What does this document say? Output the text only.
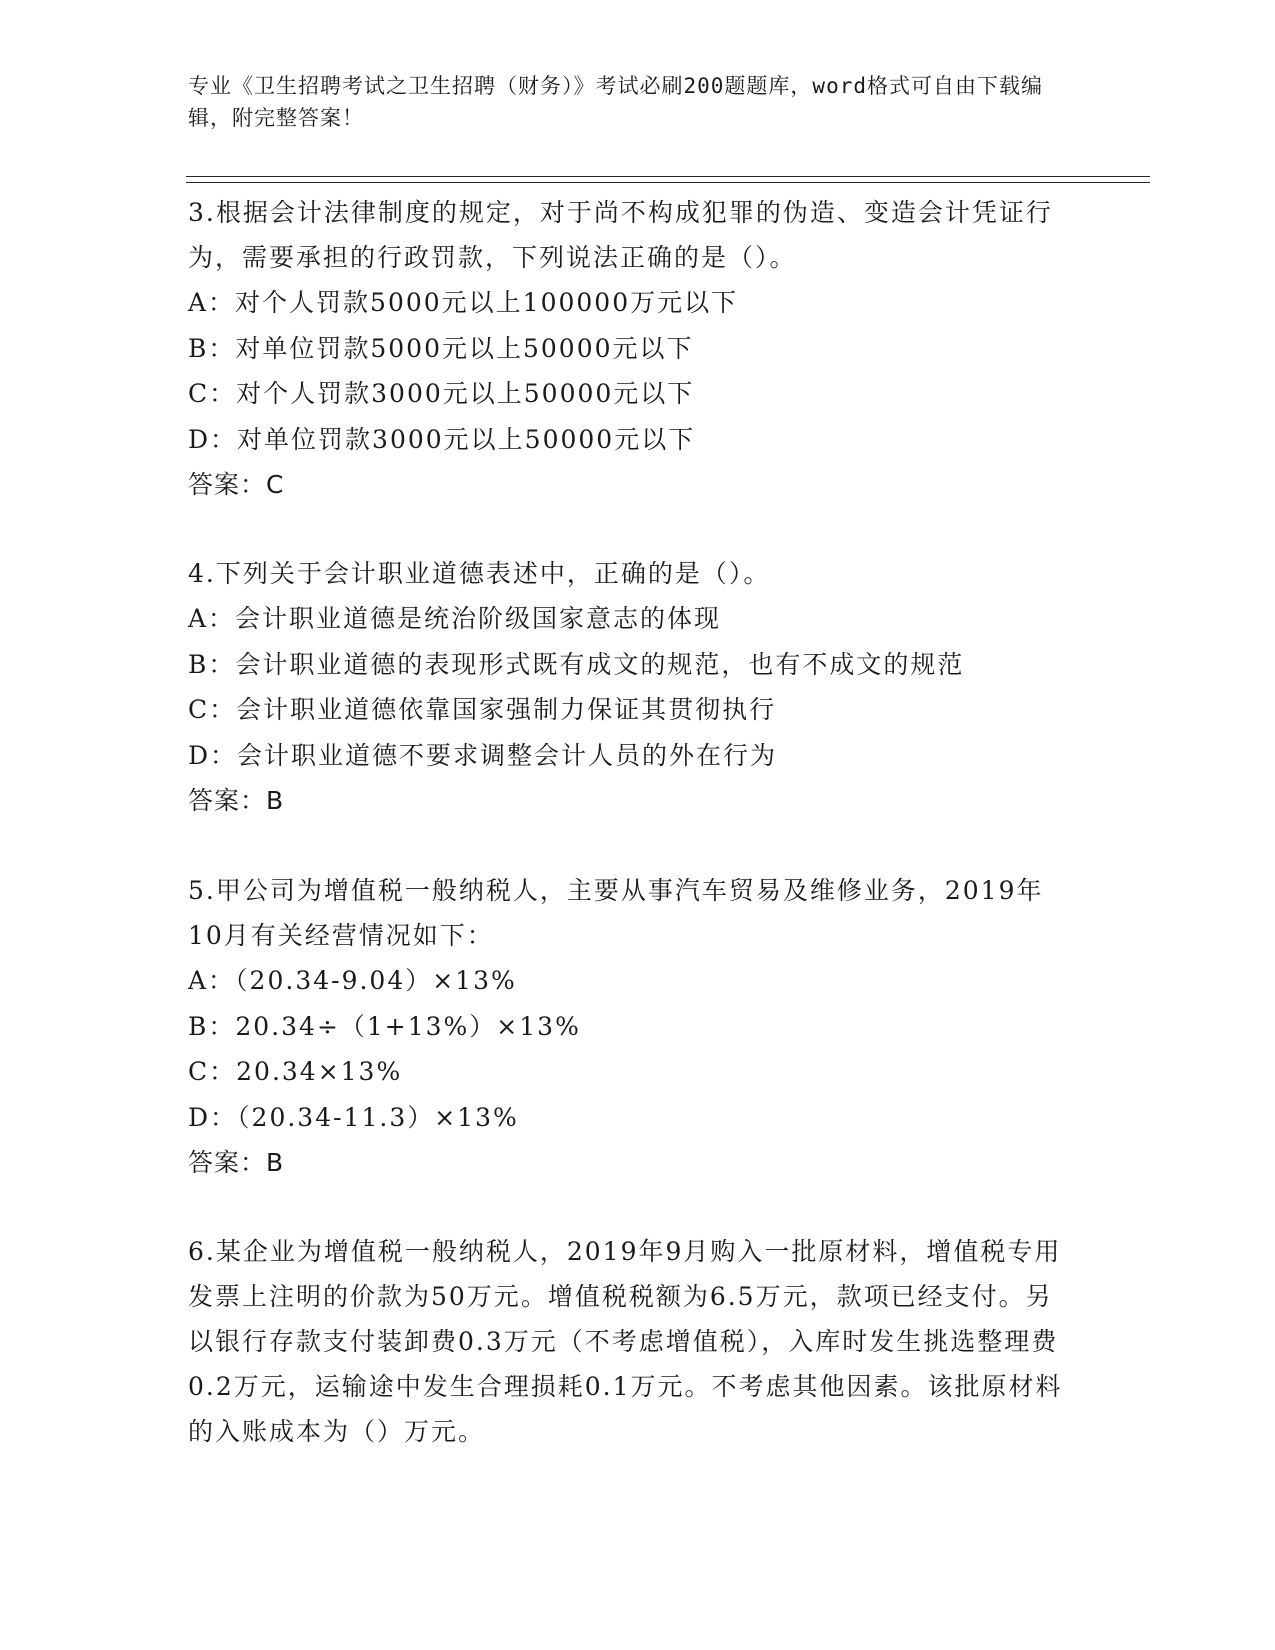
专业《卫生招聘考试之卫生招聘（财务）》考试必刷200题题库，word格式可自由下载编辑，附完整答案！
3.根据会计法律制度的规定，对于尚不构成犯罪的伪造、变造会计凭证行为，需要承担的行政罚款，下列说法正确的是（）。
A：对个人罚款5000元以上100000万元以下
B：对单位罚款5000元以上50000元以下
C：对个人罚款3000元以上50000元以下
D：对单位罚款3000元以上50000元以下
答案：C
4.下列关于会计职业道德表述中，正确的是（）。
A：会计职业道德是统治阶级国家意志的体现
B：会计职业道德的表现形式既有成文的规范，也有不成文的规范
C：会计职业道德依靠国家强制力保证其贯彻执行
D：会计职业道德不要求调整会计人员的外在行为
答案：B
5.甲公司为增值税一般纳税人，主要从事汽车贸易及维修业务，2019年10月有关经营情况如下：
A：（20.34-9.04）×13%
B：20.34÷（1+13%）×13%
C：20.34×13%
D：（20.34-11.3）×13%
答案：B
6.某企业为增值税一般纳税人，2019年9月购入一批原材料，增值税专用发票上注明的价款为50万元。增值税税额为6.5万元，款项已经支付。另以银行存款支付装卸费0.3万元（不考虑增值税），入库时发生挑选整理费0.2万元，运输途中发生合理损耗0.1万元。不考虑其他因素。该批原材料的入账成本为（）万元。
